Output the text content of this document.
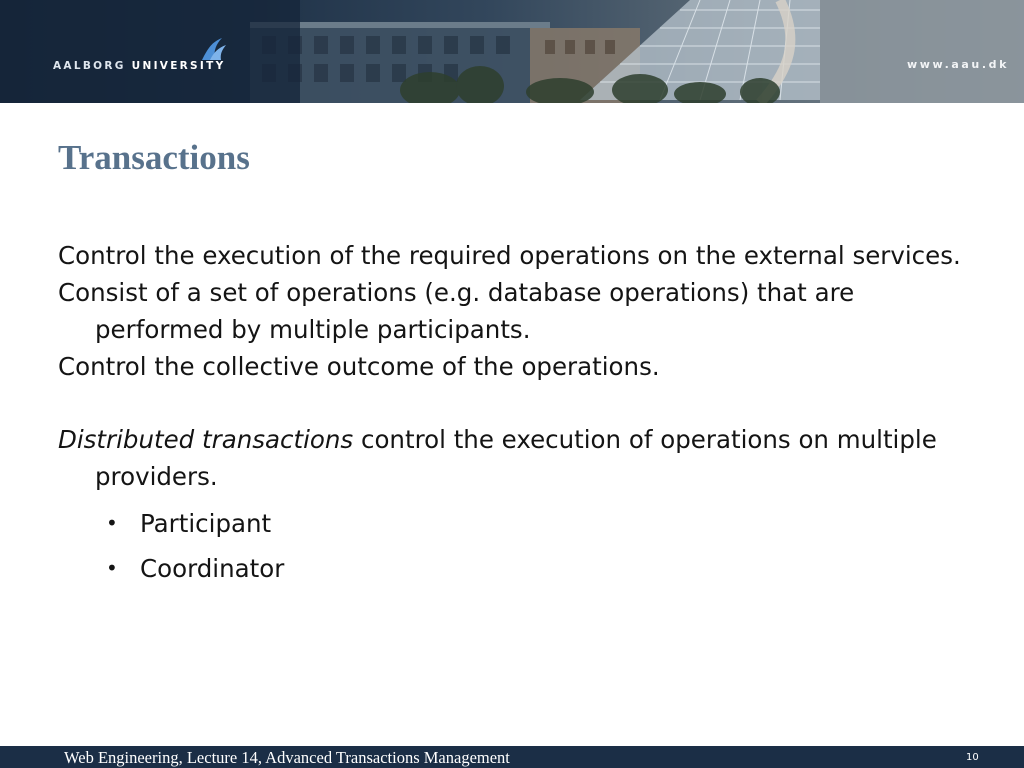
AALBORG UNIVERSITY	www.aau.dk
Transactions

Control the execution of the required operations on the external services.

Consist of a set of operations (e.g. database operations) that are performed by multiple participants.

Control the collective outcome of the operations.

Distributed transactions control the execution of operations on multiple providers.

• Participant
• Coordinator
Web Engineering, Lecture 14, Advanced Transactions Management	10
